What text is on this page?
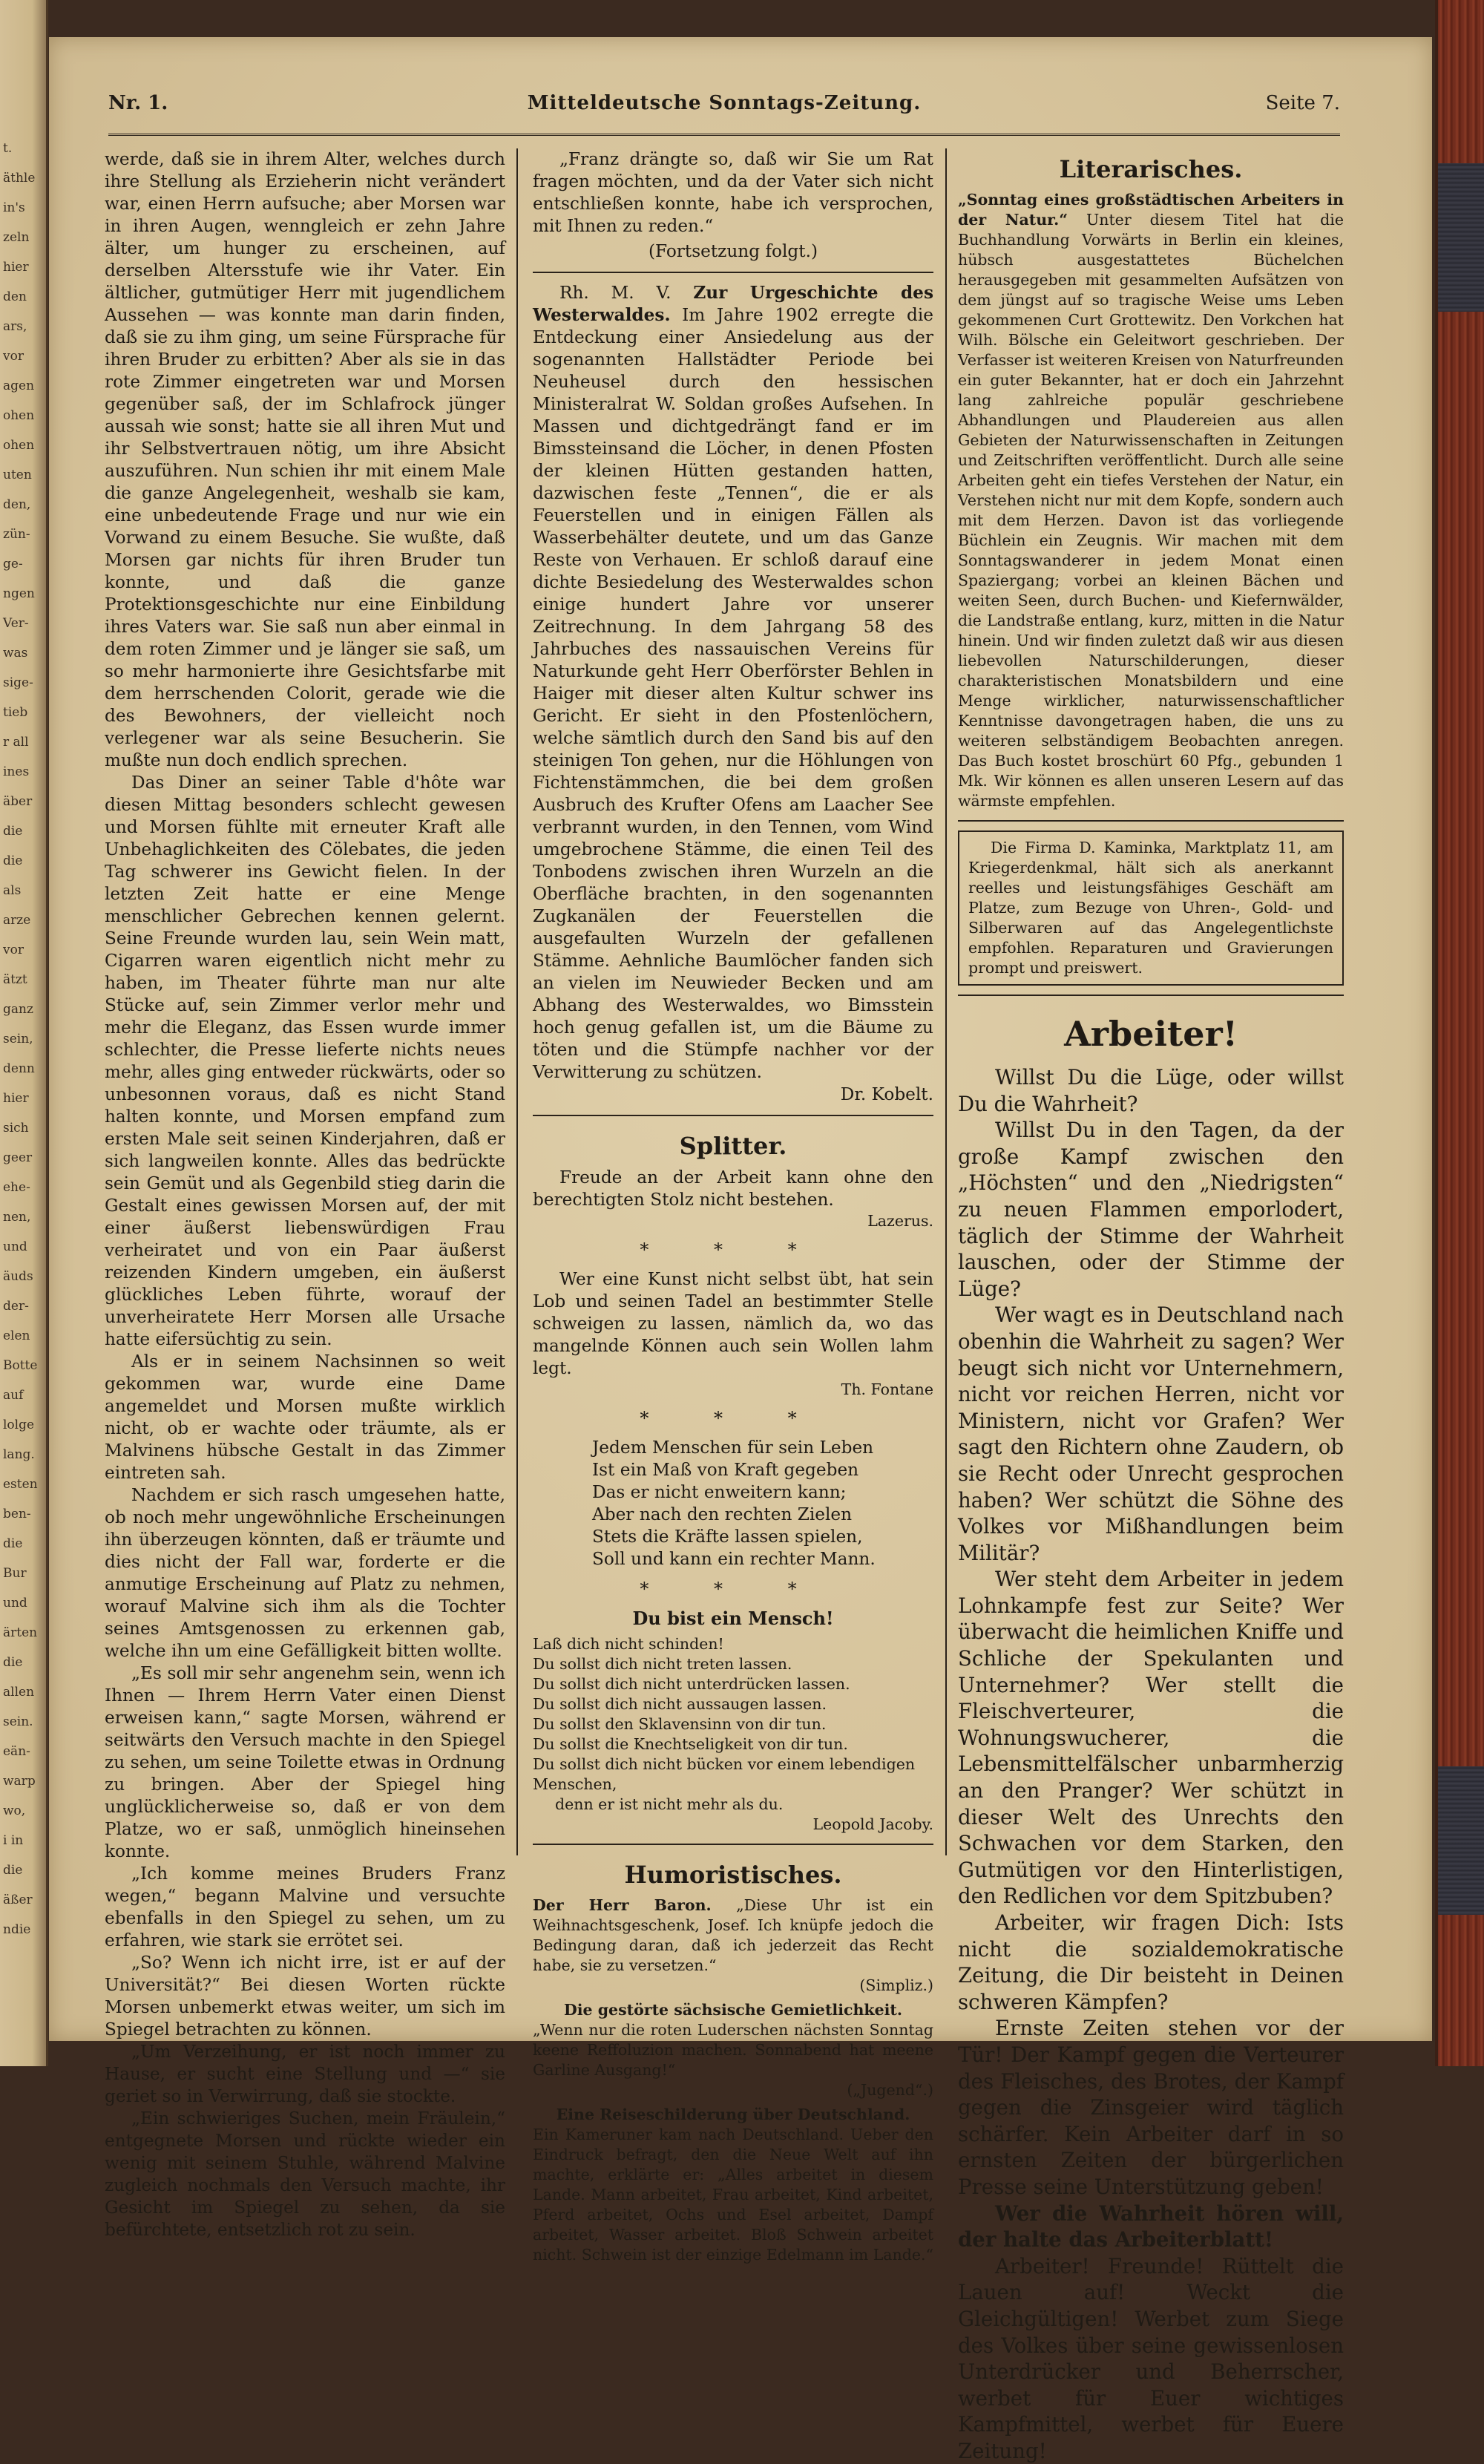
t.
äthle
in's
zeln
hier
den
ars,
vor
agen
ohen
ohen
uten
den,
zün-
ge-
ngen
Ver-
was
sige-
tieb
r all
ines
äber
die
die
als
arze
vor
ätzt
ganz
sein,
denn
hier
sich
geer
ehe-
nen,
und
äuds
der-
elen
Botte
auf
lolge
lang.
esten
ben-
die
Bur
und
ärten
die
allen
sein.
eän-
warp
wo,
i in
die
äßer
ndie
Nr. 1.	Mitteldeutsche Sonntags-Zeitung.	Seite 7.

werde, daß sie in ihrem Alter, welches durch ihre Stellung als Erzieherin nicht verändert war, einen Herrn aufsuche; aber Morsen war in ihren Augen, wenngleich er zehn Jahre älter, um hunger zu erscheinen, auf derselben Altersstufe wie ihr Vater. Ein ältlicher, gutmütiger Herr mit jugendlichem Aussehen — was konnte man darin finden, daß sie zu ihm ging, um seine Fürsprache für ihren Bruder zu erbitten? Aber als sie in das rote Zimmer eingetreten war und Morsen gegenüber saß, der im Schlafrock jünger aussah wie sonst; hatte sie all ihren Mut und ihr Selbstvertrauen nötig, um ihre Absicht auszuführen. Nun schien ihr mit einem Male die ganze Angelegenheit, weshalb sie kam, eine unbedeutende Frage und nur wie ein Vorwand zu einem Besuche. Sie wußte, daß Morsen gar nichts für ihren Bruder tun konnte, und daß die ganze Protektionsgeschichte nur eine Einbildung ihres Vaters war. Sie saß nun aber einmal in dem roten Zimmer und je länger sie saß, um so mehr harmonierte ihre Gesichtsfarbe mit dem herrschenden Colorit, gerade wie die des Bewohners, der vielleicht noch verlegener war als seine Besucherin. Sie mußte nun doch endlich sprechen.

Das Diner an seiner Table d'hôte war diesen Mittag besonders schlecht gewesen und Morsen fühlte mit erneuter Kraft alle Unbehaglichkeiten des Cölebates, die jeden Tag schwerer ins Gewicht fielen. In der letzten Zeit hatte er eine Menge menschlicher Gebrechen kennen gelernt. Seine Freunde wurden lau, sein Wein matt, Cigarren waren eigentlich nicht mehr zu haben, im Theater führte man nur alte Stücke auf, sein Zimmer verlor mehr und mehr die Eleganz, das Essen wurde immer schlechter, die Presse lieferte nichts neues mehr, alles ging entweder rückwärts, oder so unbesonnen voraus, daß es nicht Stand halten konnte, und Morsen empfand zum ersten Male seit seinen Kinderjahren, daß er sich langweilen konnte. Alles das bedrückte sein Gemüt und als Gegenbild stieg darin die Gestalt eines gewissen Morsen auf, der mit einer äußerst liebenswürdigen Frau verheiratet und von ein Paar äußerst reizenden Kindern umgeben, ein äußerst glückliches Leben führte, worauf der unverheiratete Herr Morsen alle Ursache hatte eifersüchtig zu sein.

Als er in seinem Nachsinnen so weit gekommen war, wurde eine Dame angemeldet und Morsen mußte wirklich nicht, ob er wachte oder träumte, als er Malvinens hübsche Gestalt in das Zimmer eintreten sah.

Nachdem er sich rasch umgesehen hatte, ob noch mehr ungewöhnliche Erscheinungen ihn überzeugen könnten, daß er träumte und dies nicht der Fall war, forderte er die anmutige Erscheinung auf Platz zu nehmen, worauf Malvine sich ihm als die Tochter seines Amtsgenossen zu erkennen gab, welche ihn um eine Gefälligkeit bitten wollte.

„Es soll mir sehr angenehm sein, wenn ich Ihnen — Ihrem Herrn Vater einen Dienst erweisen kann,“ sagte Morsen, während er seitwärts den Versuch machte in den Spiegel zu sehen, um seine Toilette etwas in Ordnung zu bringen. Aber der Spiegel hing unglücklicherweise so, daß er von dem Platze, wo er saß, unmöglich hineinsehen konnte.

„Ich komme meines Bruders Franz wegen,“ begann Malvine und versuchte ebenfalls in den Spiegel zu sehen, um zu erfahren, wie stark sie errötet sei.

„So? Wenn ich nicht irre, ist er auf der Universität?“ Bei diesen Worten rückte Morsen unbemerkt etwas weiter, um sich im Spiegel betrachten zu können.

„Um Verzeihung, er ist noch immer zu Hause, er sucht eine Stellung und —“ sie geriet so in Verwirrung, daß sie stockte.

„Ein schwieriges Suchen, mein Fräulein,“ entgegnete Morsen und rückte wieder ein wenig mit seinem Stuhle, während Malvine zugleich nochmals den Versuch machte, ihr Gesicht im Spiegel zu sehen, da sie befürchtete, entsetzlich rot zu sein.

„Franz drängte so, daß wir Sie um Rat fragen möchten, und da der Vater sich nicht entschließen konnte, habe ich versprochen, mit Ihnen zu reden.“

(Fortsetzung folgt.)

Rh. M. V. Zur Urgeschichte des Westerwaldes. Im Jahre 1902 erregte die Entdeckung einer Ansiedelung aus der sogenannten Hallstädter Periode bei Neuheusel durch den hessischen Ministeralrat W. Soldan großes Aufsehen. In Massen und dichtgedrängt fand er im Bimssteinsand die Löcher, in denen Pfosten der kleinen Hütten gestanden hatten, dazwischen feste „Tennen“, die er als Feuerstellen und in einigen Fällen als Wasserbehälter deutete, und um das Ganze Reste von Verhauen. Er schloß darauf eine dichte Besiedelung des Westerwaldes schon einige hundert Jahre vor unserer Zeitrechnung. In dem Jahrgang 58 des Jahrbuches des nassauischen Vereins für Naturkunde geht Herr Oberförster Behlen in Haiger mit dieser alten Kultur schwer ins Gericht. Er sieht in den Pfostenlöchern, welche sämtlich durch den Sand bis auf den steinigen Ton gehen, nur die Höhlungen von Fichtenstämmchen, die bei dem großen Ausbruch des Krufter Ofens am Laacher See verbrannt wurden, in den Tennen, vom Wind umgebrochene Stämme, die einen Teil des Tonbodens zwischen ihren Wurzeln an die Oberfläche brachten, in den sogenannten Zugkanälen der Feuerstellen die ausgefaulten Wurzeln der gefallenen Stämme. Aehnliche Baumlöcher fanden sich an vielen im Neuwieder Becken und am Abhang des Westerwaldes, wo Bimsstein hoch genug gefallen ist, um die Bäume zu töten und die Stümpfe nachher vor der Verwitterung zu schützen.

Dr. Kobelt.
Splitter.

Freude an der Arbeit kann ohne den berechtigten Stolz nicht bestehen.

Lazerus.
* * *

Wer eine Kunst nicht selbst übt, hat sein Lob und seinen Tadel an bestimmter Stelle schweigen zu lassen, nämlich da, wo das mangelnde Können auch sein Wollen lahm legt.

Th. Fontane
* * *
Jedem Menschen für sein Leben
Ist ein Maß von Kraft gegeben
Das er nicht enweitern kann;
Aber nach den rechten Zielen
Stets die Kräfte lassen spielen,
Soll und kann ein rechter Mann.
* * *
Du bist ein Mensch!
Laß dich nicht schinden!
Du sollst dich nicht treten lassen.
Du sollst dich nicht unterdrücken lassen.
Du sollst dich nicht aussaugen lassen.
Du sollst den Sklavensinn von dir tun.
Du sollst die Knechtseligkeit von dir tun.
Du sollst dich nicht bücken vor einem lebendigen Menschen,
denn er ist nicht mehr als du.
Leopold Jacoby.
Humoristisches.

Der Herr Baron. „Diese Uhr ist ein Weihnachtsgeschenk, Josef. Ich knüpfe jedoch die Bedingung daran, daß ich jederzeit das Recht habe, sie zu versetzen.“

(Simpliz.)
Die gestörte sächsische Gemietlichkeit.

„Wenn nur die roten Luderschen nächsten Sonntag keene Reffoluzion machen. Sonnabend hat meene Garline Ausgang!“

(„Jugend“.)
Eine Reiseschilderung über Deutschland.

Ein Kameruner kam nach Deutschland. Ueber den Eindruck befragt, den die Neue Welt auf ihn machte, erklärte er: „Alles arbeitet in diesem Lande. Mann arbeitet, Frau arbeitet, Kind arbeitet, Pferd arbeitet, Ochs und Esel arbeitet, Dampf arbeitet, Wasser arbeitet. Bloß Schwein arbeitet nicht. Schwein ist der einzige Edelmann im Lande.“

Literarisches.

„Sonntag eines großstädtischen Arbeiters in der Natur.“ Unter diesem Titel hat die Buchhandlung Vorwärts in Berlin ein kleines, hübsch ausgestattetes Büchelchen herausgegeben mit gesammelten Aufsätzen von dem jüngst auf so tragische Weise ums Leben gekommenen Curt Grottewitz. Den Vorkchen hat Wilh. Bölsche ein Geleitwort geschrieben. Der Verfasser ist weiteren Kreisen von Naturfreunden ein guter Bekannter, hat er doch ein Jahrzehnt lang zahlreiche populär geschriebene Abhandlungen und Plaudereien aus allen Gebieten der Naturwissenschaften in Zeitungen und Zeitschriften veröffentlicht. Durch alle seine Arbeiten geht ein tiefes Verstehen der Natur, ein Verstehen nicht nur mit dem Kopfe, sondern auch mit dem Herzen. Davon ist das vorliegende Büchlein ein Zeugnis. Wir machen mit dem Sonntagswanderer in jedem Monat einen Spaziergang; vorbei an kleinen Bächen und weiten Seen, durch Buchen- und Kiefernwälder, die Landstraße entlang, kurz, mitten in die Natur hinein. Und wir finden zuletzt daß wir aus diesen liebevollen Naturschilderungen, dieser charakteristischen Monatsbildern und eine Menge wirklicher, naturwissenschaftlicher Kenntnisse davongetragen haben, die uns zu weiteren selbständigem Beobachten anregen. Das Buch kostet broschürt 60 Pfg., gebunden 1 Mk. Wir können es allen unseren Lesern auf das wärmste empfehlen.

Die Firma D. Kaminka, Marktplatz 11, am Kriegerdenkmal, hält sich als anerkannt reelles und leistungsfähiges Geschäft am Platze, zum Bezuge von Uhren-, Gold- und Silberwaren auf das Angelegentlichste empfohlen. Reparaturen und Gravierungen prompt und preiswert.

Arbeiter!

Willst Du die Lüge, oder willst Du die Wahrheit?

Willst Du in den Tagen, da der große Kampf zwischen den „Höchsten“ und den „Niedrigsten“ zu neuen Flammen emporlodert, täglich der Stimme der Wahrheit lauschen, oder der Stimme der Lüge?

Wer wagt es in Deutschland nach obenhin die Wahrheit zu sagen? Wer beugt sich nicht vor Unternehmern, nicht vor reichen Herren, nicht vor Ministern, nicht vor Grafen? Wer sagt den Richtern ohne Zaudern, ob sie Recht oder Unrecht gesprochen haben? Wer schützt die Söhne des Volkes vor Mißhandlungen beim Militär?

Wer steht dem Arbeiter in jedem Lohnkampfe fest zur Seite? Wer überwacht die heimlichen Kniffe und Schliche der Spekulanten und Unternehmer? Wer stellt die Fleischverteurer, die Wohnungswucherer, die Lebensmittelfälscher unbarmherzig an den Pranger? Wer schützt in dieser Welt des Unrechts den Schwachen vor dem Starken, den Gutmütigen vor den Hinterlistigen, den Redlichen vor dem Spitzbuben?

Arbeiter, wir fragen Dich: Ists nicht die sozialdemokratische Zeitung, die Dir beisteht in Deinen schweren Kämpfen?

Ernste Zeiten stehen vor der Tür! Der Kampf gegen die Verteurer des Fleisches, des Brotes, der Kampf gegen die Zinsgeier wird täglich schärfer. Kein Arbeiter darf in so ernsten Zeiten der bürgerlichen Presse seine Unterstützung geben!

Wer die Wahrheit hören will, der halte das Arbeiterblatt!

Arbeiter! Freunde! Rüttelt die Lauen auf! Weckt die Gleichgültigen! Werbet zum Siege des Volkes über seine gewissenlosen Unterdrücker und Beherrscher, werbet für Euer wichtiges Kampfmittel, werbet für Euere Zeitung!
